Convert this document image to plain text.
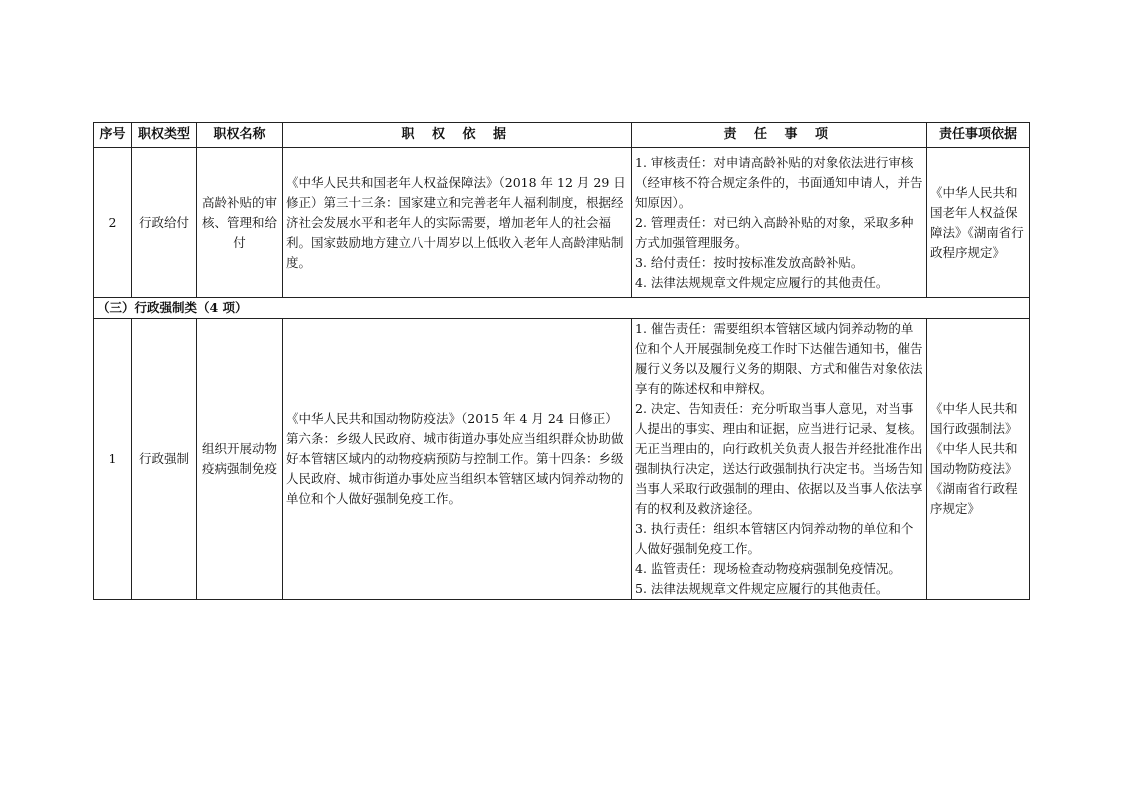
序号	职权类型	职权名称	职 权 依 据	责 任 事 项	责任事项依据
2	行政给付	高龄补贴的审核、管理和给付	《中华人民共和国老年人权益保障法》（2018 年 12 月 29 日修正）第三十三条：国家建立和完善老年人福利制度，根据经济社会发展水平和老年人的实际需要，增加老年人的社会福利。国家鼓励地方建立八十周岁以上低收入老年人高龄津贴制度。	1. 审核责任：对申请高龄补贴的对象依法进行审核（经审核不符合规定条件的，书面通知申请人，并告知原因）。
2. 管理责任：对已纳入高龄补贴的对象，采取多种方式加强管理服务。
3. 给付责任：按时按标准发放高龄补贴。
4. 法律法规规章文件规定应履行的其他责任。	《中华人民共和国老年人权益保障法》《湖南省行政程序规定》
（三）行政强制类（4 项）					
1	行政强制	组织开展动物疫病强制免疫	《中华人民共和国动物防疫法》（2015 年 4 月 24 日修正）第六条：乡级人民政府、城市街道办事处应当组织群众协助做好本管辖区域内的动物疫病预防与控制工作。第十四条：乡级人民政府、城市街道办事处应当组织本管辖区域内饲养动物的单位和个人做好强制免疫工作。	1. 催告责任：需要组织本管辖区域内饲养动物的单位和个人开展强制免疫工作时下达催告通知书，催告履行义务以及履行义务的期限、方式和催告对象依法享有的陈述权和申辩权。
2. 决定、告知责任：充分听取当事人意见，对当事人提出的事实、理由和证据，应当进行记录、复核。无正当理由的，向行政机关负责人报告并经批准作出强制执行决定，送达行政强制执行决定书。当场告知当事人采取行政强制的理由、依据以及当事人依法享有的权利及救济途径。
3. 执行责任：组织本管辖区内饲养动物的单位和个人做好强制免疫工作。
4. 监管责任：现场检查动物疫病强制免疫情况。
5. 法律法规规章文件规定应履行的其他责任。	《中华人民共和国行政强制法》《中华人民共和国动物防疫法》《湖南省行政程序规定》
